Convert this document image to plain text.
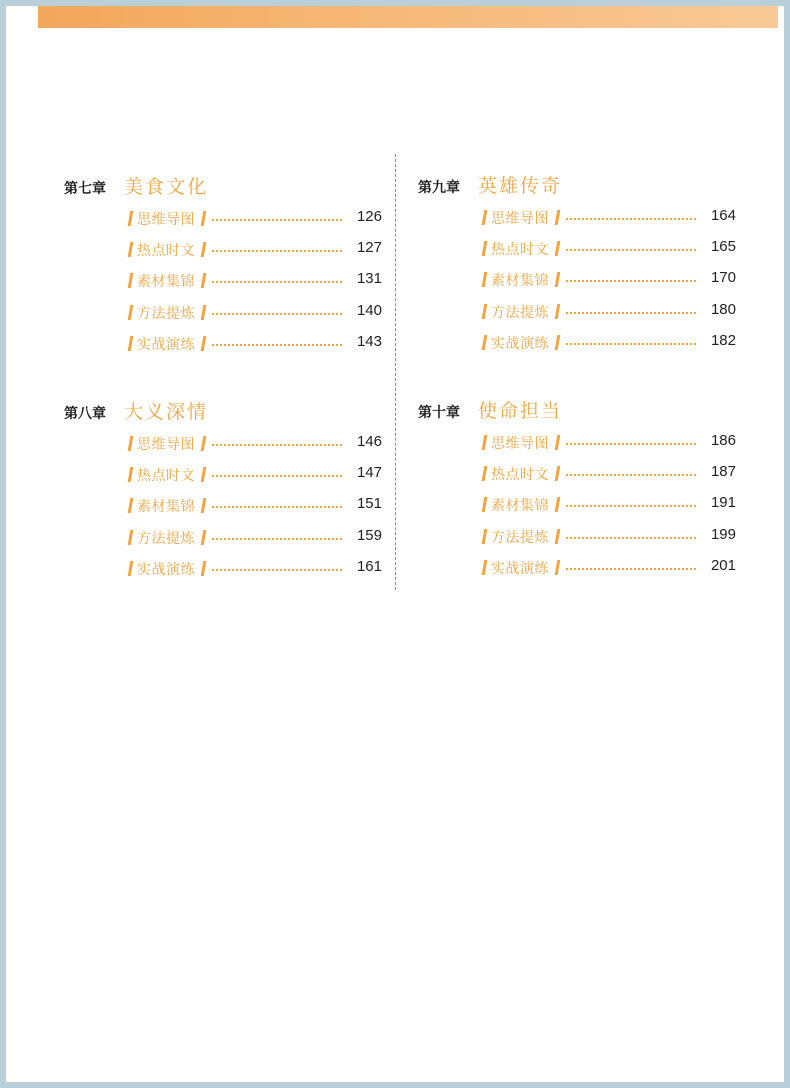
第七章 美食文化
思维导图	126
热点时文	127
素材集锦	131
方法提炼	140
实战演练	143
第八章 大义深情
思维导图	146
热点时文	147
素材集锦	151
方法提炼	159
实战演练	161
第九章 英雄传奇
思维导图	164
热点时文	165
素材集锦	170
方法提炼	180
实战演练	182
第十章 使命担当
思维导图	186
热点时文	187
素材集锦	191
方法提炼	199
实战演练	201
